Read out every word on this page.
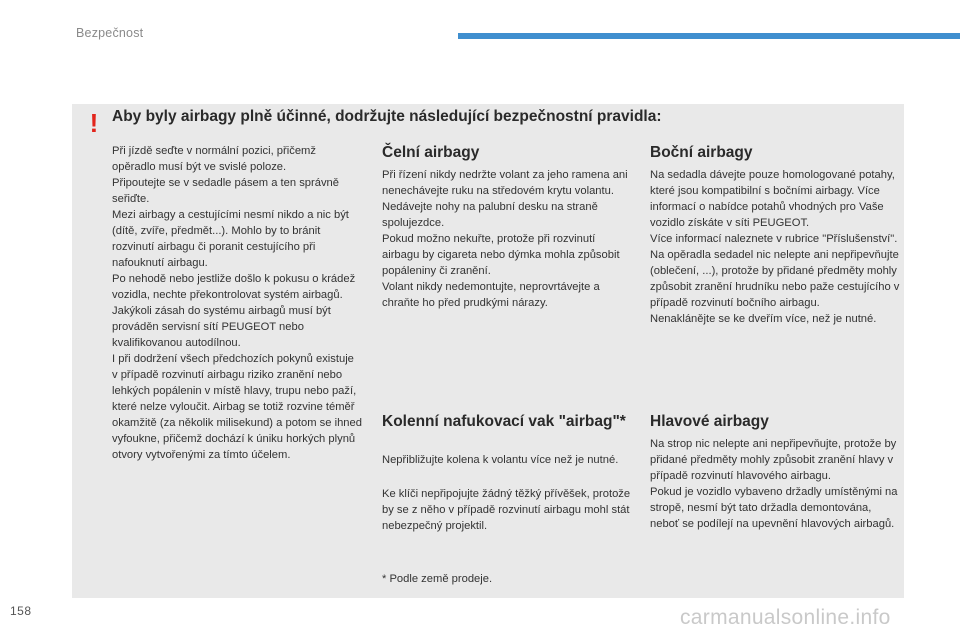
Bezpečnost
! Aby byly airbagy plně účinné, dodržujte následující bezpečnostní pravidla:

Při jízdě seďte v normální pozici, přičemž opěradlo musí být ve svislé poloze.

Připoutejte se v sedadle pásem a ten správně seřiďte.

Mezi airbagy a cestujícími nesmí nikdo a nic být (dítě, zvíře, předmět...). Mohlo by to bránit rozvinutí airbagu či poranit cestujícího při nafouknutí airbagu.

Po nehodě nebo jestliže došlo k pokusu o krádež vozidla, nechte překontrolovat systém airbagů.

Jakýkoli zásah do systému airbagů musí být prováděn servisní sítí PEUGEOT nebo kvalifikovanou autodílnou.

I při dodržení všech předchozích pokynů existuje v případě rozvinutí airbagu riziko zranění nebo lehkých popálenin v místě hlavy, trupu nebo paží, které nelze vyloučit. Airbag se totiž rozvine téměř okamžitě (za několik milisekund) a potom se ihned vyfoukne, přičemž dochází k úniku horkých plynů otvory vytvořenými za tímto účelem.

Čelní airbagy

Při řízení nikdy nedržte volant za jeho ramena ani nenechávejte ruku na středovém krytu volantu.

Nedávejte nohy na palubní desku na straně spolujezdce.

Pokud možno nekuřte, protože při rozvinutí airbagu by cigareta nebo dýmka mohla způsobit popáleniny či zranění.

Volant nikdy nedemontujte, neprovrtávejte a chraňte ho před prudkými nárazy.

Kolenní nafukovací vak "airbag"*
Nepřibližujte kolena k volantu více než je nutné.
Ke klíči nepřipojujte žádný těžký přívěšek, protože by se z něho v případě rozvinutí airbagu mohl stát nebezpečný projektil.
* Podle země prodeje.
Boční airbagy

Na sedadla dávejte pouze homologované potahy, které jsou kompatibilní s bočními airbagy. Více informací o nabídce potahů vhodných pro Vaše vozidlo získáte v síti PEUGEOT.

Více informací naleznete v rubrice "Příslušenství".

Na opěradla sedadel nic nelepte ani nepřipevňujte (oblečení, ...), protože by přidané předměty mohly způsobit zranění hrudníku nebo paže cestujícího v případě rozvinutí bočního airbagu.

Nenaklánějte se ke dveřím více, než je nutné.

Hlavové airbagy

Na strop nic nelepte ani nepřipevňujte, protože by přidané předměty mohly způsobit zranění hlavy v případě rozvinutí hlavového airbagu.

Pokud je vozidlo vybaveno držadly umístěnými na stropě, nesmí být tato držadla demontována, neboť se podílejí na upevnění hlavových airbagů.

158	carmanualsonline.info
